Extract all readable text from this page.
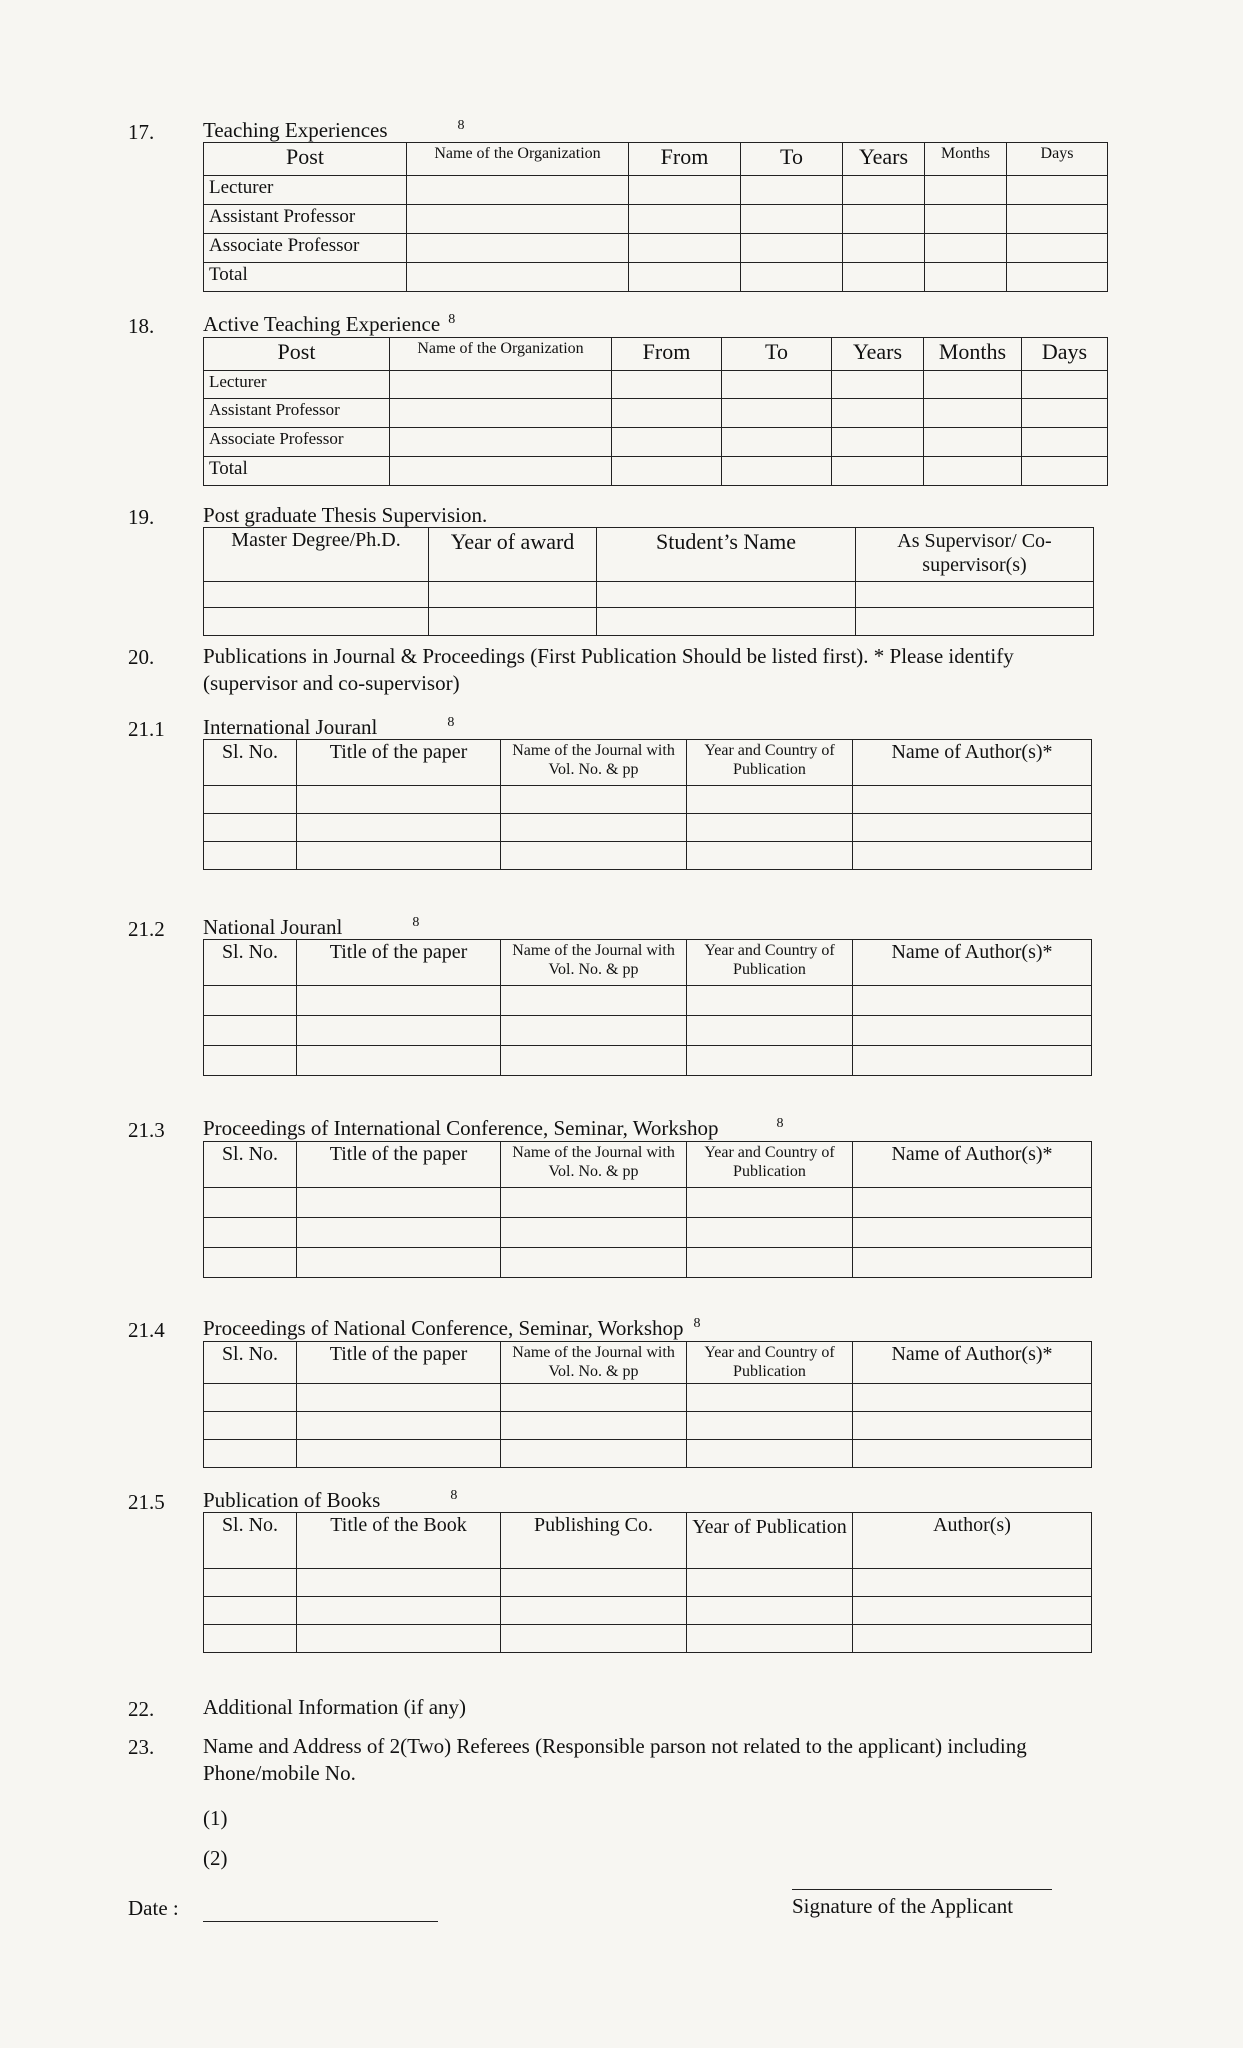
17. Teaching Experiences	$^8$
Post	Name of the Organization	From	To	Years	Months	Days
Lecturer						
Assistant Professor						
Associate Professor						
Total						
18. Active Teaching Experience $^8$
Post	Name of the Organization	From	To	Years	Months	Days
Lecturer						
Assistant Professor						
Associate Professor						
Total						
19. Post graduate Thesis Supervision.
Master Degree/Ph.D.	Year of award	Student’s Name	As Supervisor/ Co-supervisor(s)

20. Publications in Journal & Proceedings (First Publication Should be listed first). * Please identify (supervisor and co-supervisor)
21.1 International Jouranl	$^8$
Sl. No.	Title of the paper	Name of the Journal with Vol. No. & pp	Year and Country of Publication	Name of Author(s)*

21.2 National Jouranl	$^8$
Sl. No.	Title of the paper	Name of the Journal with Vol. No. & pp	Year and Country of Publication	Name of Author(s)*

21.3 Proceedings of International Conference, Seminar, Workshop	$^8$
Sl. No.	Title of the paper	Name of the Journal with Vol. No. & pp	Year and Country of Publication	Name of Author(s)*

21.4 Proceedings of National Conference, Seminar, Workshop $^8$
Sl. No.	Title of the paper	Name of the Journal with Vol. No. & pp	Year and Country of Publication	Name of Author(s)*

21.5 Publication of Books	$^8$
Sl. No.	Title of the Book	Publishing Co.	Year of Publication	Author(s)

22. Additional Information (if any)
23. Name and Address of 2(Two) Referees (Responsible parson not related to the applicant) including Phone/mobile No.
(1)
(2)
Date :	Signature of the Applicant
